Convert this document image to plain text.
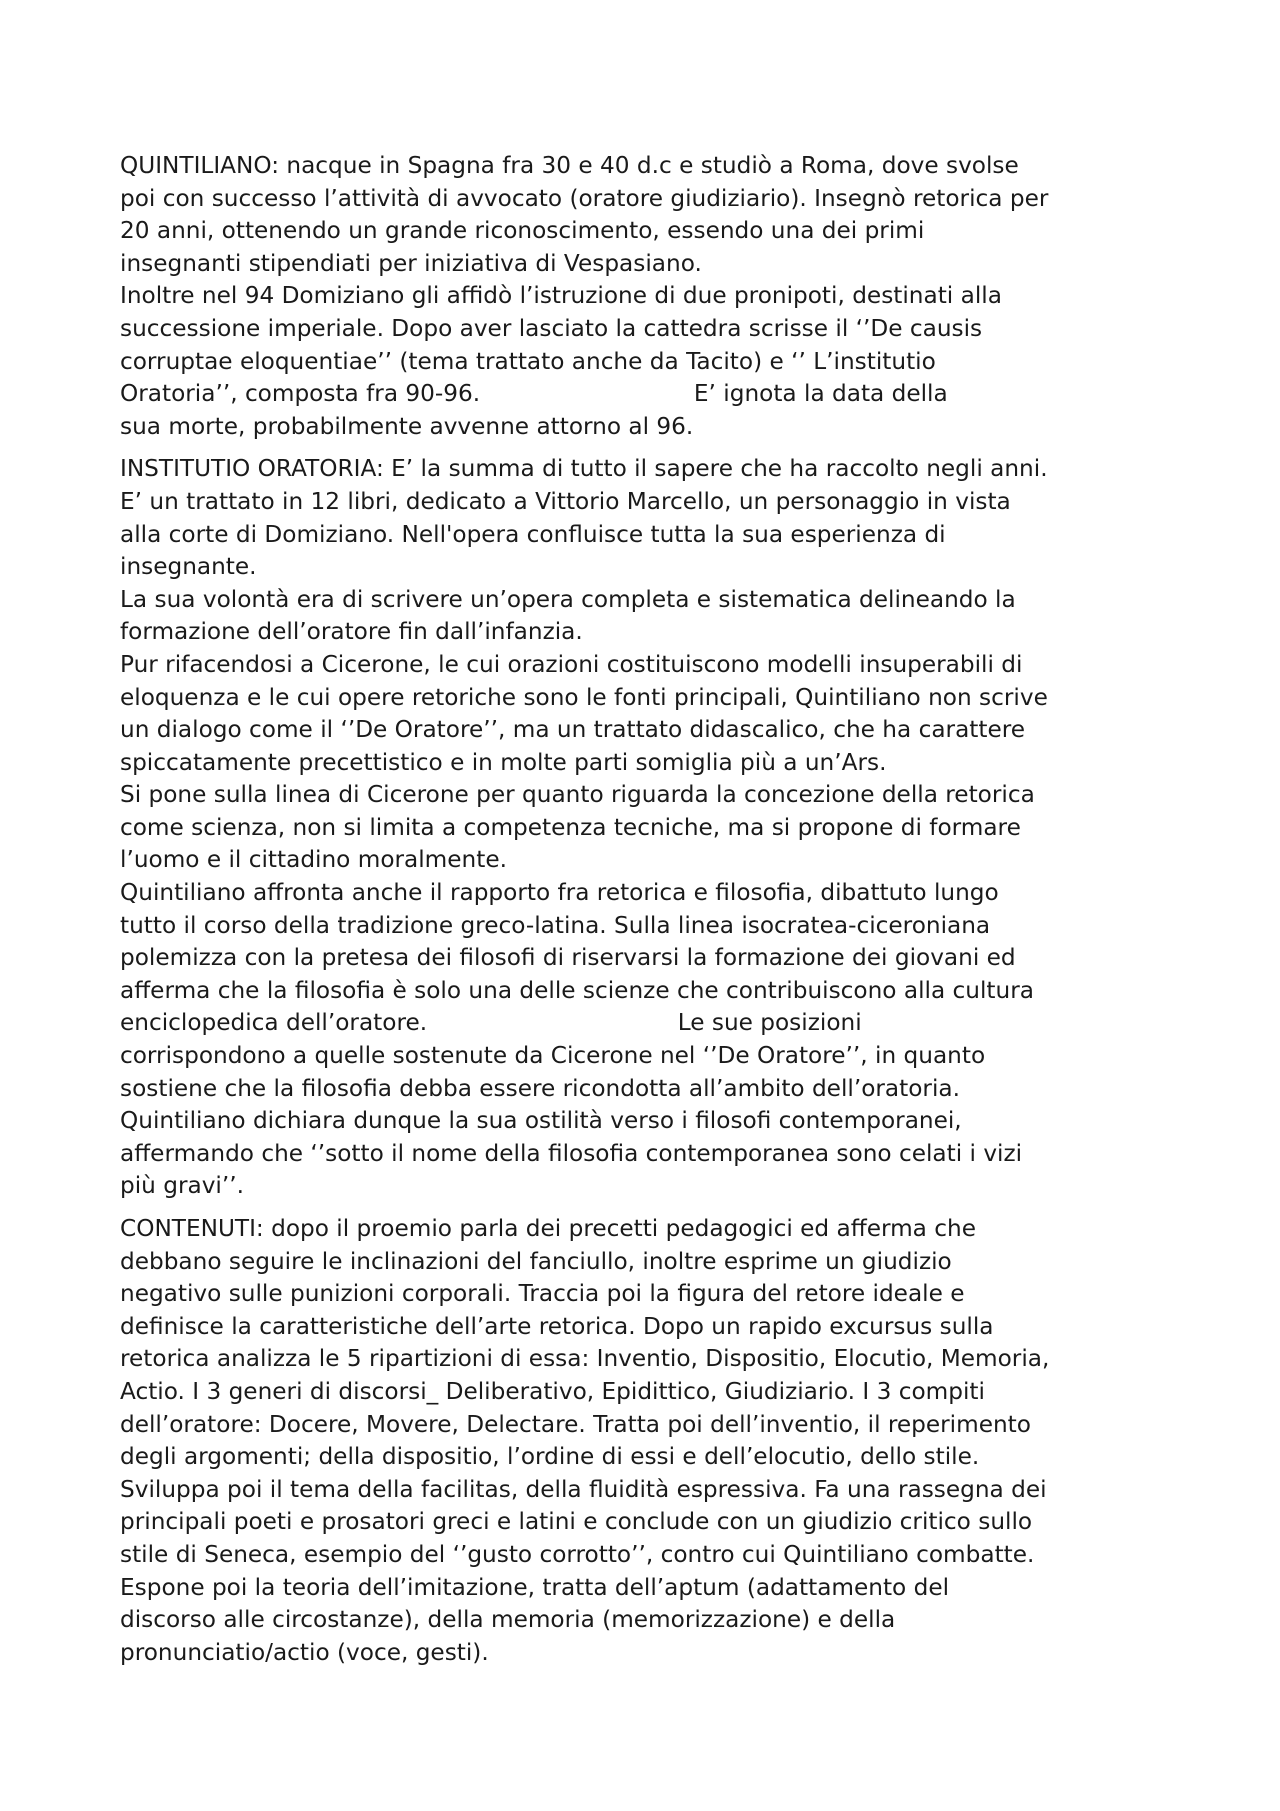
QUINTILIANO: nacque in Spagna fra 30 e 40 d.c e studiò a Roma, dove svolse
poi con successo l’attività di avvocato (oratore giudiziario). Insegnò retorica per
20 anni, ottenendo un grande riconoscimento, essendo una dei primi
insegnanti stipendiati per iniziativa di Vespasiano.
Inoltre nel 94 Domiziano gli affidò l’istruzione di due pronipoti, destinati alla
successione imperiale. Dopo aver lasciato la cattedra scrisse il ‘’De causis
corruptae eloquentiae’’ (tema trattato anche da Tacito) e ‘’ L’institutio
Oratoria’’, composta fra 90-96.                             E’ ignota la data della
sua morte, probabilmente avvenne attorno al 96.
INSTITUTIO ORATORIA: E’ la summa di tutto il sapere che ha raccolto negli anni.
E’ un trattato in 12 libri, dedicato a Vittorio Marcello, un personaggio in vista
alla corte di Domiziano. Nell'opera confluisce tutta la sua esperienza di
insegnante.
La sua volontà era di scrivere un’opera completa e sistematica delineando la
formazione dell’oratore fin dall’infanzia.
Pur rifacendosi a Cicerone, le cui orazioni costituiscono modelli insuperabili di
eloquenza e le cui opere retoriche sono le fonti principali, Quintiliano non scrive
un dialogo come il ‘’De Oratore’’, ma un trattato didascalico, che ha carattere
spiccatamente precettistico e in molte parti somiglia più a un’Ars.
Si pone sulla linea di Cicerone per quanto riguarda la concezione della retorica
come scienza, non si limita a competenza tecniche, ma si propone di formare
l’uomo e il cittadino moralmente.
Quintiliano affronta anche il rapporto fra retorica e filosofia, dibattuto lungo
tutto il corso della tradizione greco-latina. Sulla linea isocratea-ciceroniana
polemizza con la pretesa dei filosofi di riservarsi la formazione dei giovani ed
afferma che la filosofia è solo una delle scienze che contribuiscono alla cultura
enciclopedica dell’oratore.                                  Le sue posizioni
corrispondono a quelle sostenute da Cicerone nel ‘’De Oratore’’, in quanto
sostiene che la filosofia debba essere ricondotta all’ambito dell’oratoria.
Quintiliano dichiara dunque la sua ostilità verso i filosofi contemporanei,
affermando che ‘’sotto il nome della filosofia contemporanea sono celati i vizi
più gravi’’.
CONTENUTI: dopo il proemio parla dei precetti pedagogici ed afferma che
debbano seguire le inclinazioni del fanciullo, inoltre esprime un giudizio
negativo sulle punizioni corporali. Traccia poi la figura del retore ideale e
definisce la caratteristiche dell’arte retorica. Dopo un rapido excursus sulla
retorica analizza le 5 ripartizioni di essa: Inventio, Dispositio, Elocutio, Memoria,
Actio. I 3 generi di discorsi_ Deliberativo, Epidittico, Giudiziario. I 3 compiti
dell’oratore: Docere, Movere, Delectare. Tratta poi dell’inventio, il reperimento
degli argomenti; della dispositio, l’ordine di essi e dell’elocutio, dello stile.
Sviluppa poi il tema della facilitas, della fluidità espressiva. Fa una rassegna dei
principali poeti e prosatori greci e latini e conclude con un giudizio critico sullo
stile di Seneca, esempio del ‘’gusto corrotto’’, contro cui Quintiliano combatte.
Espone poi la teoria dell’imitazione, tratta dell’aptum (adattamento del
discorso alle circostanze), della memoria (memorizzazione) e della
pronunciatio/actio (voce, gesti).
